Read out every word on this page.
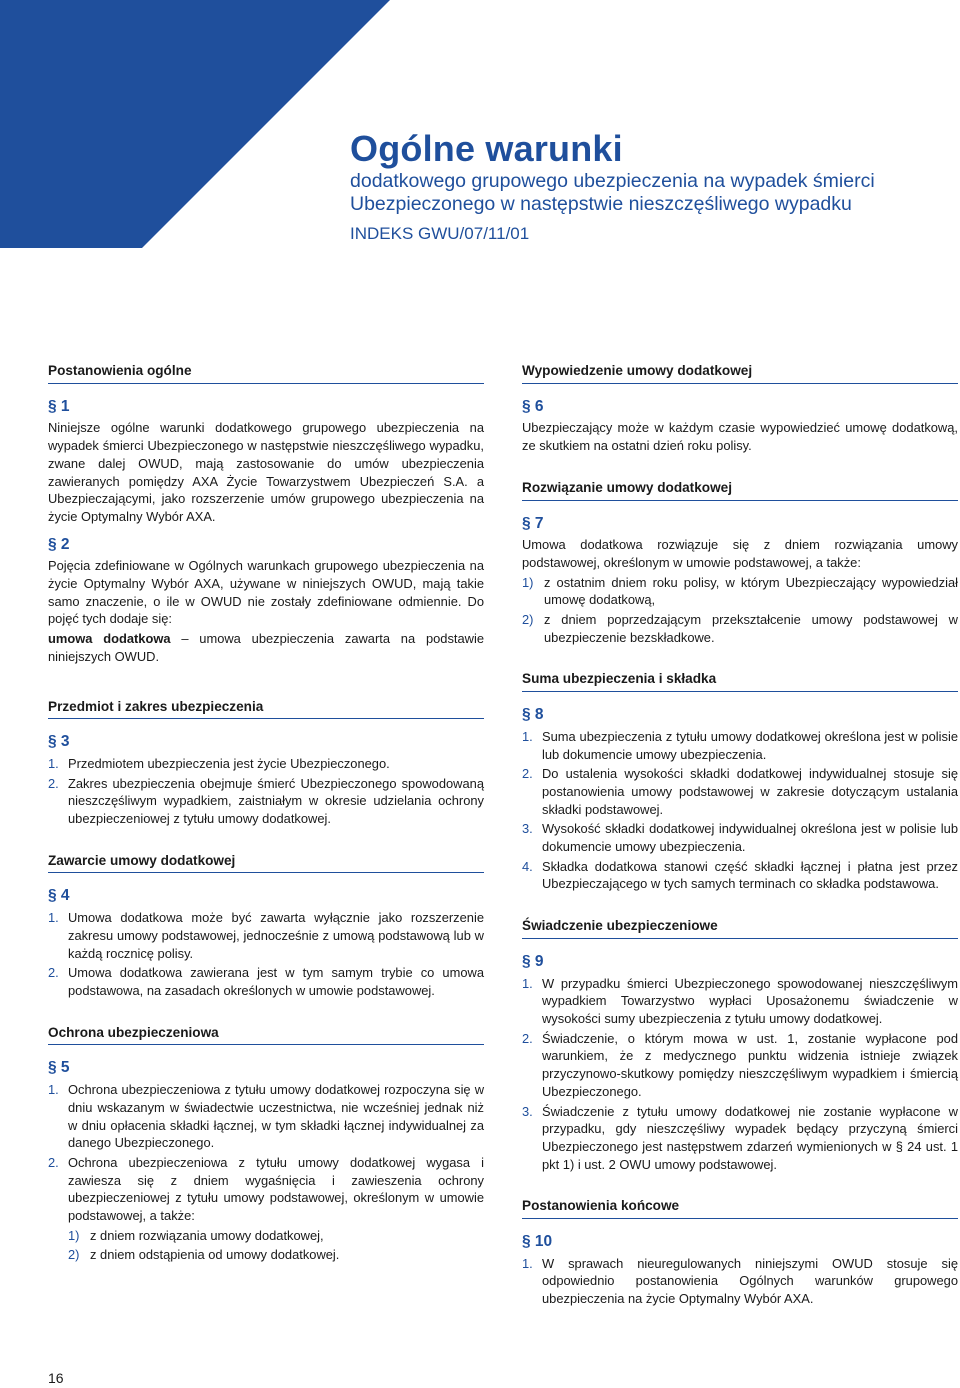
Ogólne warunki
dodatkowego grupowego ubezpieczenia na wypadek śmierci
Ubezpieczonego w następstwie nieszczęśliwego wypadku
INDEKS GWU/07/11/01
Postanowienia ogólne
§ 1

Niniejsze ogólne warunki dodatkowego grupowego ubezpieczenia na wypadek śmierci Ubezpieczonego w następstwie nieszczęśliwego wypadku, zwane dalej OWUD, mają zastosowanie do umów ubezpieczenia zawieranych pomiędzy AXA Życie Towarzystwem Ubezpieczeń S.A. a Ubezpieczającymi, jako rozszerzenie umów grupowego ubezpieczenia na życie Optymalny Wybór AXA.

§ 2

Pojęcia zdefiniowane w Ogólnych warunkach grupowego ubezpieczenia na życie Optymalny Wybór AXA, używane w niniejszych OWUD, mają takie samo znaczenie, o ile w OWUD nie zostały zdefiniowane odmiennie. Do pojęć tych dodaje się:

umowa dodatkowa – umowa ubezpieczenia zawarta na podstawie niniejszych OWUD.

Przedmiot i zakres ubezpieczenia
§ 3
1. Przedmiotem ubezpieczenia jest życie Ubezpieczonego.
2. Zakres ubezpieczenia obejmuje śmierć Ubezpieczonego spowodowaną nieszczęśliwym wypadkiem, zaistniałym w okresie udzielania ochrony ubezpieczeniowej z tytułu umowy dodatkowej.
Zawarcie umowy dodatkowej
§ 4
1. Umowa dodatkowa może być zawarta wyłącznie jako rozszerzenie zakresu umowy podstawowej, jednocześnie z umową podstawową lub w każdą rocznicę polisy.
2. Umowa dodatkowa zawierana jest w tym samym trybie co umowa podstawowa, na zasadach określonych w umowie podstawowej.
Ochrona ubezpieczeniowa
§ 5
1. Ochrona ubezpieczeniowa z tytułu umowy dodatkowej rozpoczyna się w dniu wskazanym w świadectwie uczestnictwa, nie wcześniej jednak niż w dniu opłacenia składki łącznej, w tym składki łącznej indywidualnej za danego Ubezpieczonego.
2. Ochrona ubezpieczeniowa z tytułu umowy dodatkowej wygasa i zawiesza się z dniem wygaśnięcia i zawieszenia ochrony ubezpieczeniowej z tytułu umowy podstawowej, określonym w umowie podstawowej, a także:
1) z dniem rozwiązania umowy dodatkowej,
2) z dniem odstąpienia od umowy dodatkowej.
Wypowiedzenie umowy dodatkowej
§ 6

Ubezpieczający może w każdym czasie wypowiedzieć umowę dodatkową, ze skutkiem na ostatni dzień roku polisy.

Rozwiązanie umowy dodatkowej
§ 7

Umowa dodatkowa rozwiązuje się z dniem rozwiązania umowy podstawowej, określonym w umowie podstawowej, a także:

1) z ostatnim dniem roku polisy, w którym Ubezpieczający wypowiedział umowę dodatkową,
2) z dniem poprzedzającym przekształcenie umowy podstawowej w ubezpieczenie bezskładkowe.
Suma ubezpieczenia i składka
§ 8
1. Suma ubezpieczenia z tytułu umowy dodatkowej określona jest w polisie lub dokumencie umowy ubezpieczenia.
2. Do ustalenia wysokości składki dodatkowej indywidualnej stosuje się postanowienia umowy podstawowej w zakresie dotyczącym ustalania składki podstawowej.
3. Wysokość składki dodatkowej indywidualnej określona jest w polisie lub dokumencie umowy ubezpieczenia.
4. Składka dodatkowa stanowi część składki łącznej i płatna jest przez Ubezpieczającego w tych samych terminach co składka podstawowa.
Świadczenie ubezpieczeniowe
§ 9
1. W przypadku śmierci Ubezpieczonego spowodowanej nieszczęśliwym wypadkiem Towarzystwo wypłaci Uposażonemu świadczenie w wysokości sumy ubezpieczenia z tytułu umowy dodatkowej.
2. Świadczenie, o którym mowa w ust. 1, zostanie wypłacone pod warunkiem, że z medycznego punktu widzenia istnieje związek przyczynowo-skutkowy pomiędzy nieszczęśliwym wypadkiem i śmiercią Ubezpieczonego.
3. Świadczenie z tytułu umowy dodatkowej nie zostanie wypłacone w przypadku, gdy nieszczęśliwy wypadek będący przyczyną śmierci Ubezpieczonego jest następstwem zdarzeń wymienionych w § 24 ust. 1 pkt 1) i ust. 2 OWU umowy podstawowej.
Postanowienia końcowe
§ 10
1. W sprawach nieuregulowanych niniejszymi OWUD stosuje się odpowiednio postanowienia Ogólnych warunków grupowego ubezpieczenia na życie Optymalny Wybór AXA.
16
